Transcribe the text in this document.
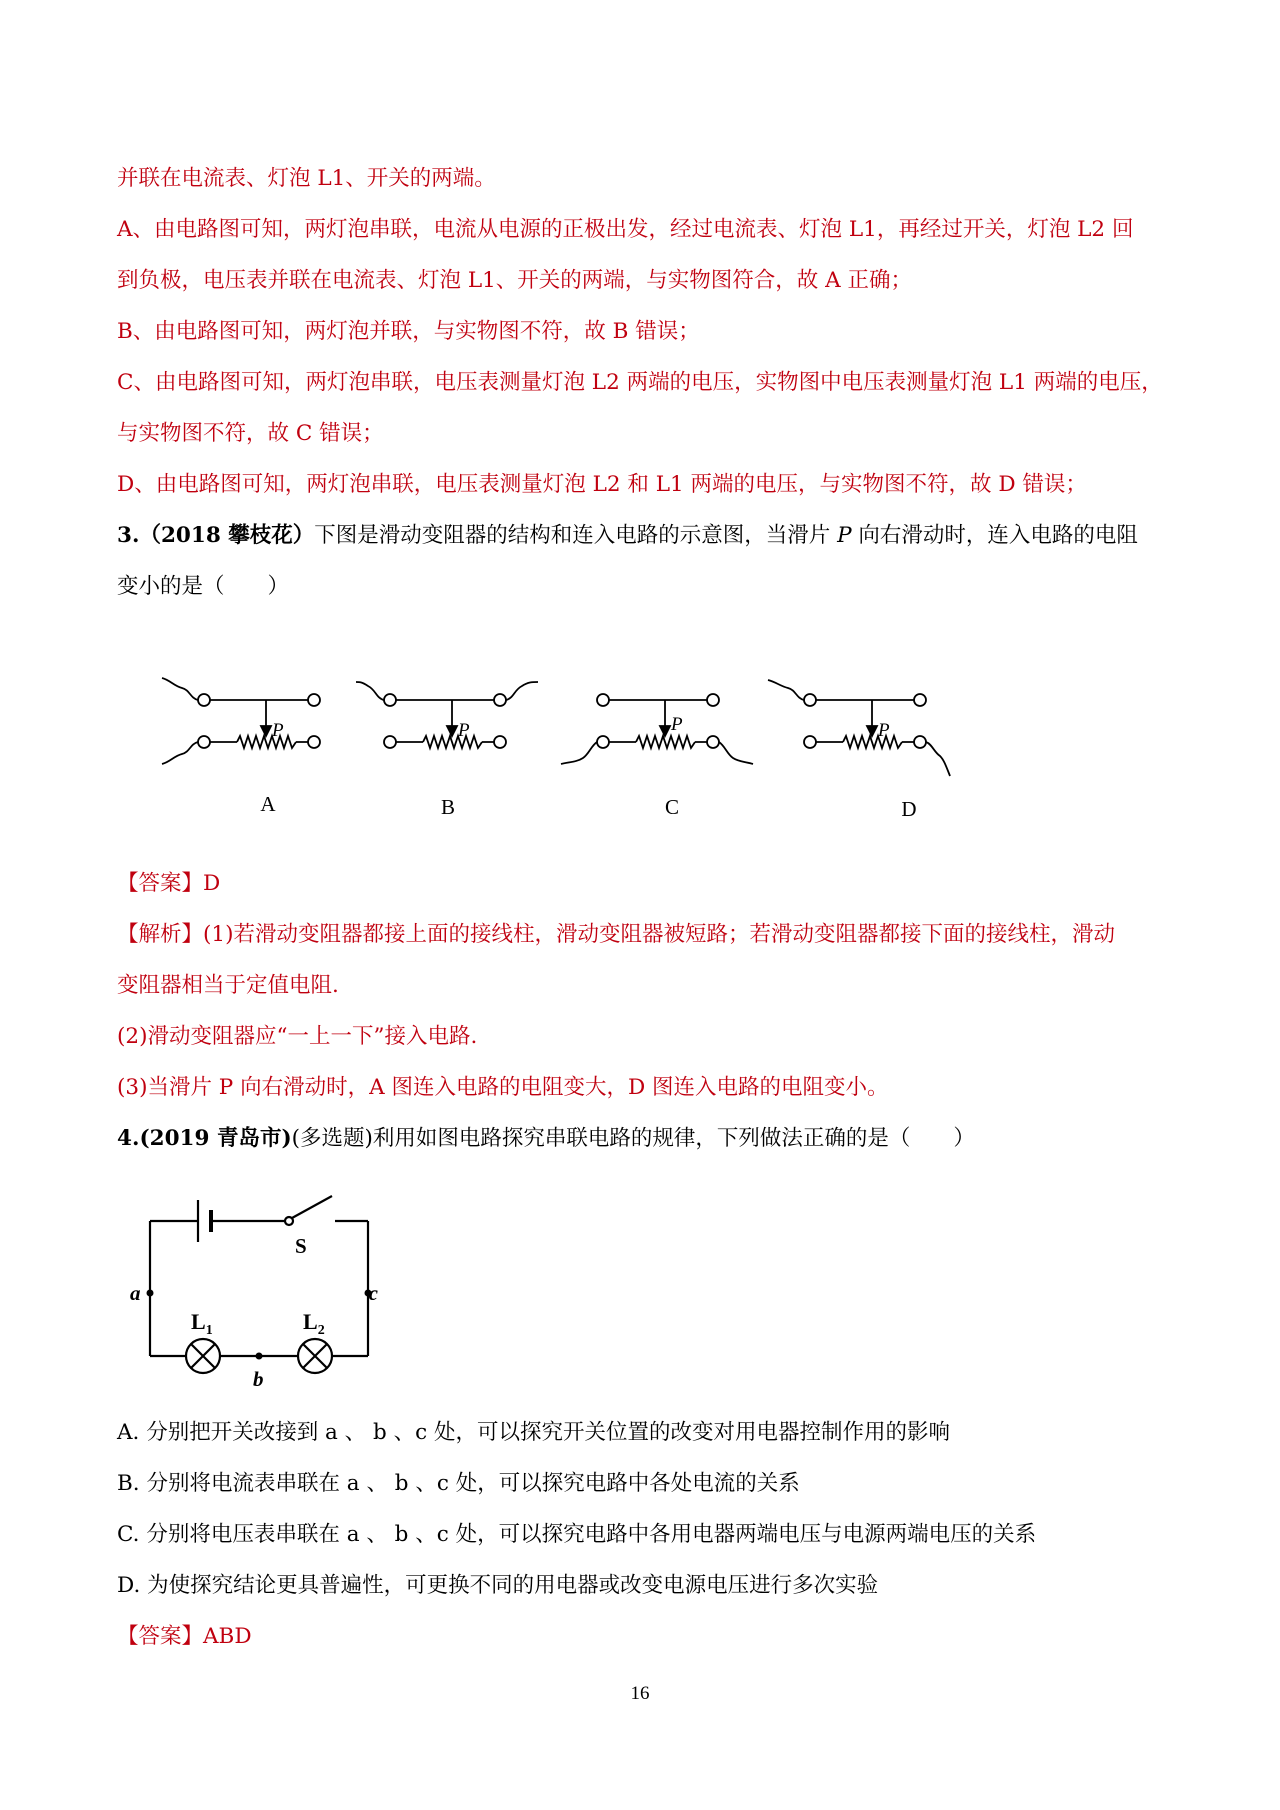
并联在电流表、灯泡 L1、开关的两端。
A、由电路图可知，两灯泡串联，电流从电源的正极出发，经过电流表、灯泡 L1，再经过开关，灯泡 L2 回
到负极，电压表并联在电流表、灯泡 L1、开关的两端，与实物图符合，故 A 正确；
B、由电路图可知，两灯泡并联，与实物图不符，故 B 错误；
C、由电路图可知，两灯泡串联，电压表测量灯泡 L2 两端的电压，实物图中电压表测量灯泡 L1 两端的电压，
与实物图不符，故 C 错误；
D、由电路图可知，两灯泡串联，电压表测量灯泡 L2 和 L1 两端的电压，与实物图不符，故 D 错误；
3.（2018 攀枝花）下图是滑动变阻器的结构和连入电路的示意图，当滑片 P 向右滑动时，连入电路的电阻
变小的是（　　）
P	P	P	P
A	B	C	D
【答案】D
【解析】(1)若滑动变阻器都接上面的接线柱，滑动变阻器被短路；若滑动变阻器都接下面的接线柱，滑动
变阻器相当于定值电阻.
(2)滑动变阻器应“一上一下”接入电路.
(3)当滑片 P 向右滑动时，A 图连入电路的电阻变大，D 图连入电路的电阻变小。
4.(2019 青岛市)(多选题)利用如图电路探究串联电路的规律，下列做法正确的是（　　）
S
a	c
b
$L_1$	$L_2$
A. 分别把开关改接到 a 、 b 、c 处，可以探究开关位置的改变对用电器控制作用的影响
B. 分别将电流表串联在 a 、 b 、c 处，可以探究电路中各处电流的关系
C. 分别将电压表串联在 a 、 b 、c 处，可以探究电路中各用电器两端电压与电源两端电压的关系
D. 为使探究结论更具普遍性，可更换不同的用电器或改变电源电压进行多次实验
【答案】ABD
16
